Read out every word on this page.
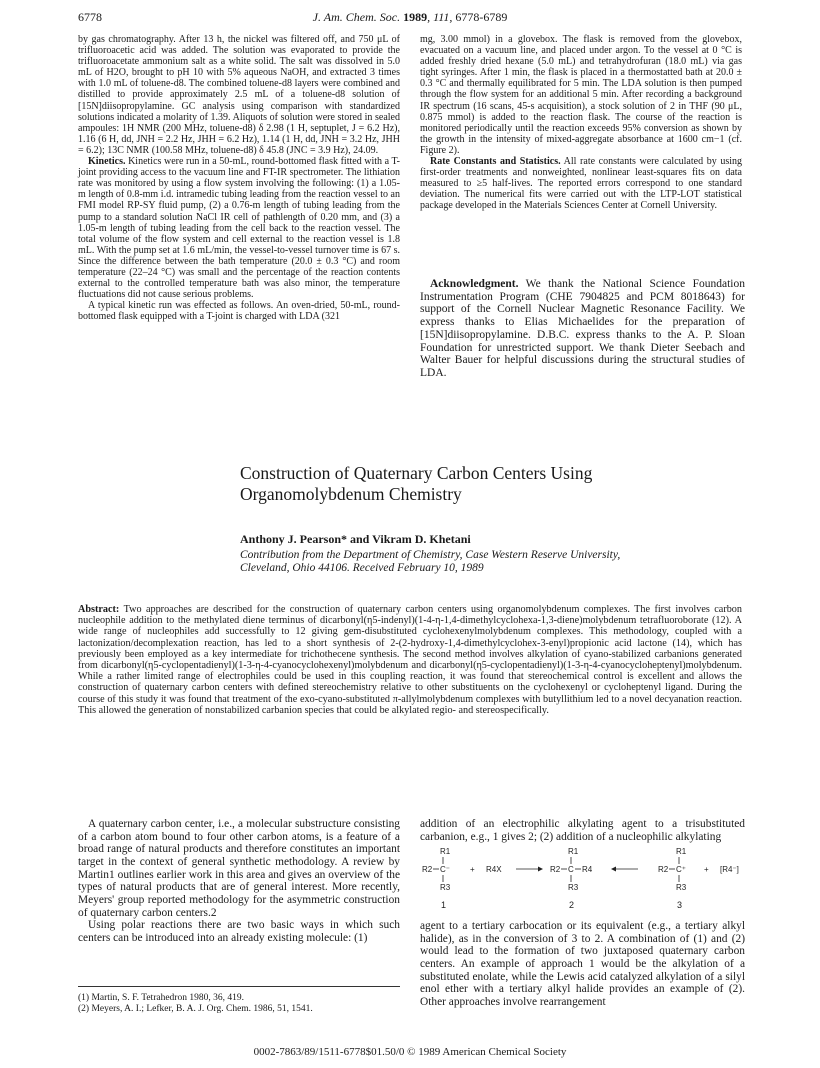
6778	J. Am. Chem. Soc. 1989, 111, 6778-6789

by gas chromatography. After 13 h, the nickel was filtered off, and 750 μL of trifluoroacetic acid was added. The solution was evaporated to provide the trifluoroacetate ammonium salt as a white solid. The salt was dissolved in 5.0 mL of H2O, brought to pH 10 with 5% aqueous NaOH, and extracted 3 times with 1.0 mL of toluene-d8. The combined toluene-d8 layers were combined and distilled to provide approximately 2.5 mL of a toluene-d8 solution of [15N]diisopropylamine. GC analysis using comparison with standardized solutions indicated a molarity of 1.39. Aliquots of solution were stored in sealed ampoules: 1H NMR (200 MHz, toluene-d8) δ 2.98 (1 H, septuplet, J = 6.2 Hz), 1.16 (6 H, dd, JNH = 2.2 Hz, JHH = 6.2 Hz), 1.14 (1 H, dd, JNH = 3.2 Hz, JHH = 6.2); 13C NMR (100.58 MHz, toluene-d8) δ 45.8 (JNC = 3.9 Hz), 24.09.

Kinetics. Kinetics were run in a 50-mL, round-bottomed flask fitted with a T-joint providing access to the vacuum line and FT-IR spectrometer. The lithiation rate was monitored by using a flow system involving the following: (1) a 1.05-m length of 0.8-mm i.d. intramedic tubing leading from the reaction vessel to an FMI model RP-SY fluid pump, (2) a 0.76-m length of tubing leading from the pump to a standard solution NaCl IR cell of pathlength of 0.20 mm, and (3) a 1.05-m length of tubing leading from the cell back to the reaction vessel. The total volume of the flow system and cell external to the reaction vessel is 1.8 mL. With the pump set at 1.6 mL/min, the vessel-to-vessel turnover time is 67 s. Since the difference between the bath temperature (20.0 ± 0.3 °C) and room temperature (22–24 °C) was small and the percentage of the reaction contents external to the controlled temperature bath was also minor, the temperature fluctuations did not cause serious problems.

A typical kinetic run was effected as follows. An oven-dried, 50-mL, round-bottomed flask equipped with a T-joint is charged with LDA (321

mg, 3.00 mmol) in a glovebox. The flask is removed from the glovebox, evacuated on a vacuum line, and placed under argon. To the vessel at 0 °C is added freshly dried hexane (5.0 mL) and tetrahydrofuran (18.0 mL) via gas tight syringes. After 1 min, the flask is placed in a thermostatted bath at 20.0 ± 0.3 °C and thermally equilibrated for 5 min. The LDA solution is then pumped through the flow system for an additional 5 min. After recording a background IR spectrum (16 scans, 45-s acquisition), a stock solution of 2 in THF (90 μL, 0.875 mmol) is added to the reaction flask. The course of the reaction is monitored periodically until the reaction exceeds 95% conversion as shown by the growth in the intensity of mixed-aggregate absorbance at 1600 cm−1 (cf. Figure 2).

Rate Constants and Statistics. All rate constants were calculated by using first-order treatments and nonweighted, nonlinear least-squares fits on data measured to ≥5 half-lives. The reported errors correspond to one standard deviation. The numerical fits were carried out with the LTP-LOT statistical package developed in the Materials Sciences Center at Cornell University.

Acknowledgment. We thank the National Science Foundation Instrumentation Program (CHE 7904825 and PCM 8018643) for support of the Cornell Nuclear Magnetic Resonance Facility. We express thanks to Elias Michaelides for the preparation of [15N]diisopropylamine. D.B.C. express thanks to the A. P. Sloan Foundation for unrestricted support. We thank Dieter Seebach and Walter Bauer for helpful discussions during the structural studies of LDA.

Construction of Quaternary Carbon Centers Using
Organomolybdenum Chemistry
Anthony J. Pearson* and Vikram D. Khetani
Contribution from the Department of Chemistry, Case Western Reserve University,
Cleveland, Ohio 44106. Received February 10, 1989
Abstract: Two approaches are described for the construction of quaternary carbon centers using organomolybdenum complexes. The first involves carbon nucleophile addition to the methylated diene terminus of dicarbonyl(η5-indenyl)(1-4-η-1,4-dimethylcyclohexa-1,3-diene)molybdenum tetrafluoroborate (12). A wide range of nucleophiles add successfully to 12 giving gem-disubstituted cyclohexenylmolybdenum complexes. This methodology, coupled with a lactonization/decomplexation reaction, has led to a short synthesis of 2-(2-hydroxy-1,4-dimethylcyclohex-3-enyl)propionic acid lactone (14), which has previously been employed as a key intermediate for trichothecene synthesis. The second method involves alkylation of cyano-stabilized carbanions generated from dicarbonyl(η5-cyclopentadienyl)(1-3-η-4-cyanocyclohexenyl)molybdenum and dicarbonyl(η5-cyclopentadienyl)(1-3-η-4-cyanocycloheptenyl)molybdenum. While a rather limited range of electrophiles could be used in this coupling reaction, it was found that stereochemical control is excellent and allows the construction of quaternary carbon centers with defined stereochemistry relative to other substituents on the cyclohexenyl or cycloheptenyl ligand. During the course of this study it was found that treatment of the exo-cyano-substituted π-allylmolybdenum complexes with butyllithium led to a novel decyanation reaction. This allowed the generation of nonstabilized carbanion species that could be alkylated regio- and stereospecifically.

A quaternary carbon center, i.e., a molecular substructure consisting of a carbon atom bound to four other carbon atoms, is a feature of a broad range of natural products and therefore constitutes an important target in the context of general synthetic methodology. A review by Martin1 outlines earlier work in this area and gives an overview of the types of natural products that are of general interest. More recently, Meyers' group reported methodology for the asymmetric construction of quaternary carbon centers.2

Using polar reactions there are two basic ways in which such centers can be introduced into an already existing molecule: (1)

(1) Martin, S. F. Tetrahedron 1980, 36, 419.
(2) Meyers, A. I.; Lefker, B. A. J. Org. Chem. 1986, 51, 1541.

addition of an electrophilic alkylating agent to a trisubstituted carbanion, e.g., 1 gives 2; (2) addition of a nucleophilic alkylating

R1
R2 C⁻
R3
1
+ R4X
R1
R2 C R4
R3
2
R1
R2 C⁺
R3
3
+ [R4⁻]

agent to a tertiary carbocation or its equivalent (e.g., a tertiary alkyl halide), as in the conversion of 3 to 2. A combination of (1) and (2) would lead to the formation of two juxtaposed quaternary carbon centers. An example of approach 1 would be the alkylation of a substituted enolate, while the Lewis acid catalyzed alkylation of a silyl enol ether with a tertiary alkyl halide provides an example of (2). Other approaches involve rearrangement

0002-7863/89/1511-6778$01.50/0 © 1989 American Chemical Society
